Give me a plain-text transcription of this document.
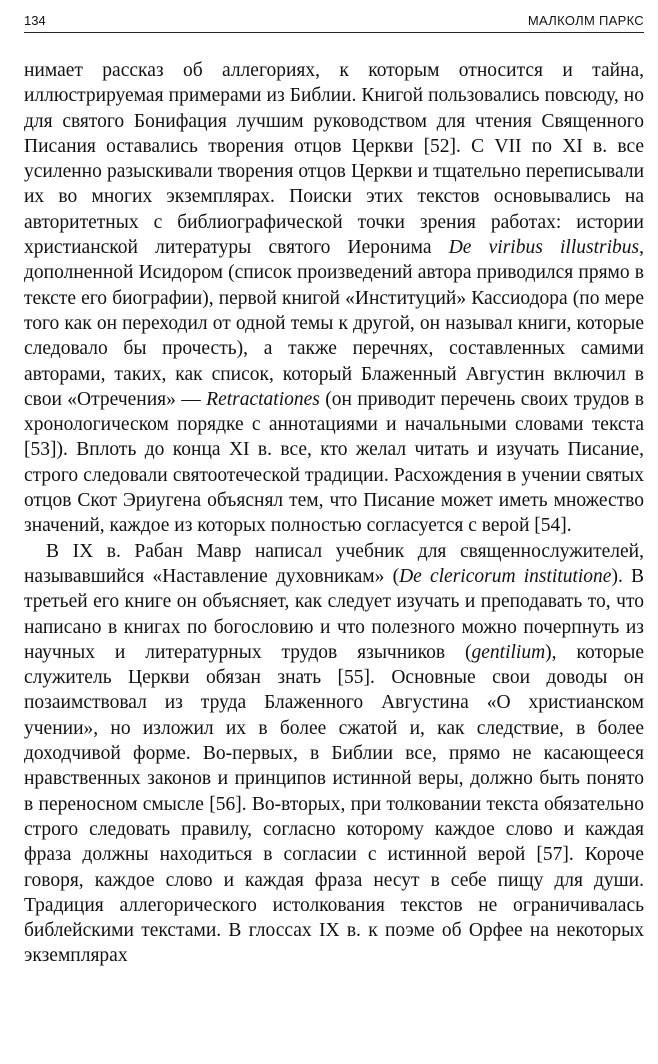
134	МАЛКОЛМ ПАРКС

нимает рассказ об аллегориях, к которым относится и тайна, иллюстрируемая примерами из Библии. Книгой пользовались повсюду, но для святого Бонифация лучшим руководством для чтения Священного Писания оставались творения отцов Церкви [52]. С VII по XI в. все усиленно разыскивали творения отцов Церкви и тщательно переписывали их во многих экземплярах. Поиски этих текстов основывались на авторитетных с библиографической точки зрения работах: истории христианской литературы святого Иеронима De viribus illustribus, дополненной Исидором (список произведений автора приводился прямо в тексте его биографии), первой книгой «Институций» Кассиодора (по мере того как он переходил от одной темы к другой, он называл книги, которые следовало бы прочесть), а также перечнях, составленных самими авторами, таких, как список, который Блаженный Августин включил в свои «Отречения» — Retractationes (он приводит перечень своих трудов в хронологическом порядке с аннотациями и начальными словами текста [53]). Вплоть до конца XI в. все, кто желал читать и изучать Писание, строго следовали святоотеческой традиции. Расхождения в учении святых отцов Скот Эриугена объяснял тем, что Писание может иметь множество значений, каждое из которых полностью согласуется с верой [54].

В IX в. Рабан Мавр написал учебник для священнослужителей, называвшийся «Наставление духовникам» (De clericorum institutione). В третьей его книге он объясняет, как следует изучать и преподавать то, что написано в книгах по богословию и что полезного можно почерпнуть из научных и литературных трудов язычников (gentilium), которые служитель Церкви обязан знать [55]. Основные свои доводы он позаимствовал из труда Блаженного Августина «О христианском учении», но изложил их в более сжатой и, как следствие, в более доходчивой форме. Во-первых, в Библии все, прямо не касающееся нравственных законов и принципов истинной веры, должно быть понято в переносном смысле [56]. Во-вторых, при толковании текста обязательно строго следовать правилу, согласно которому каждое слово и каждая фраза должны находиться в согласии с истинной верой [57]. Короче говоря, каждое слово и каждая фраза несут в себе пищу для души. Традиция аллегорического истолкования текстов не ограничивалась библейскими текстами. В глоссах IX в. к поэме об Орфее на некоторых экземплярах
